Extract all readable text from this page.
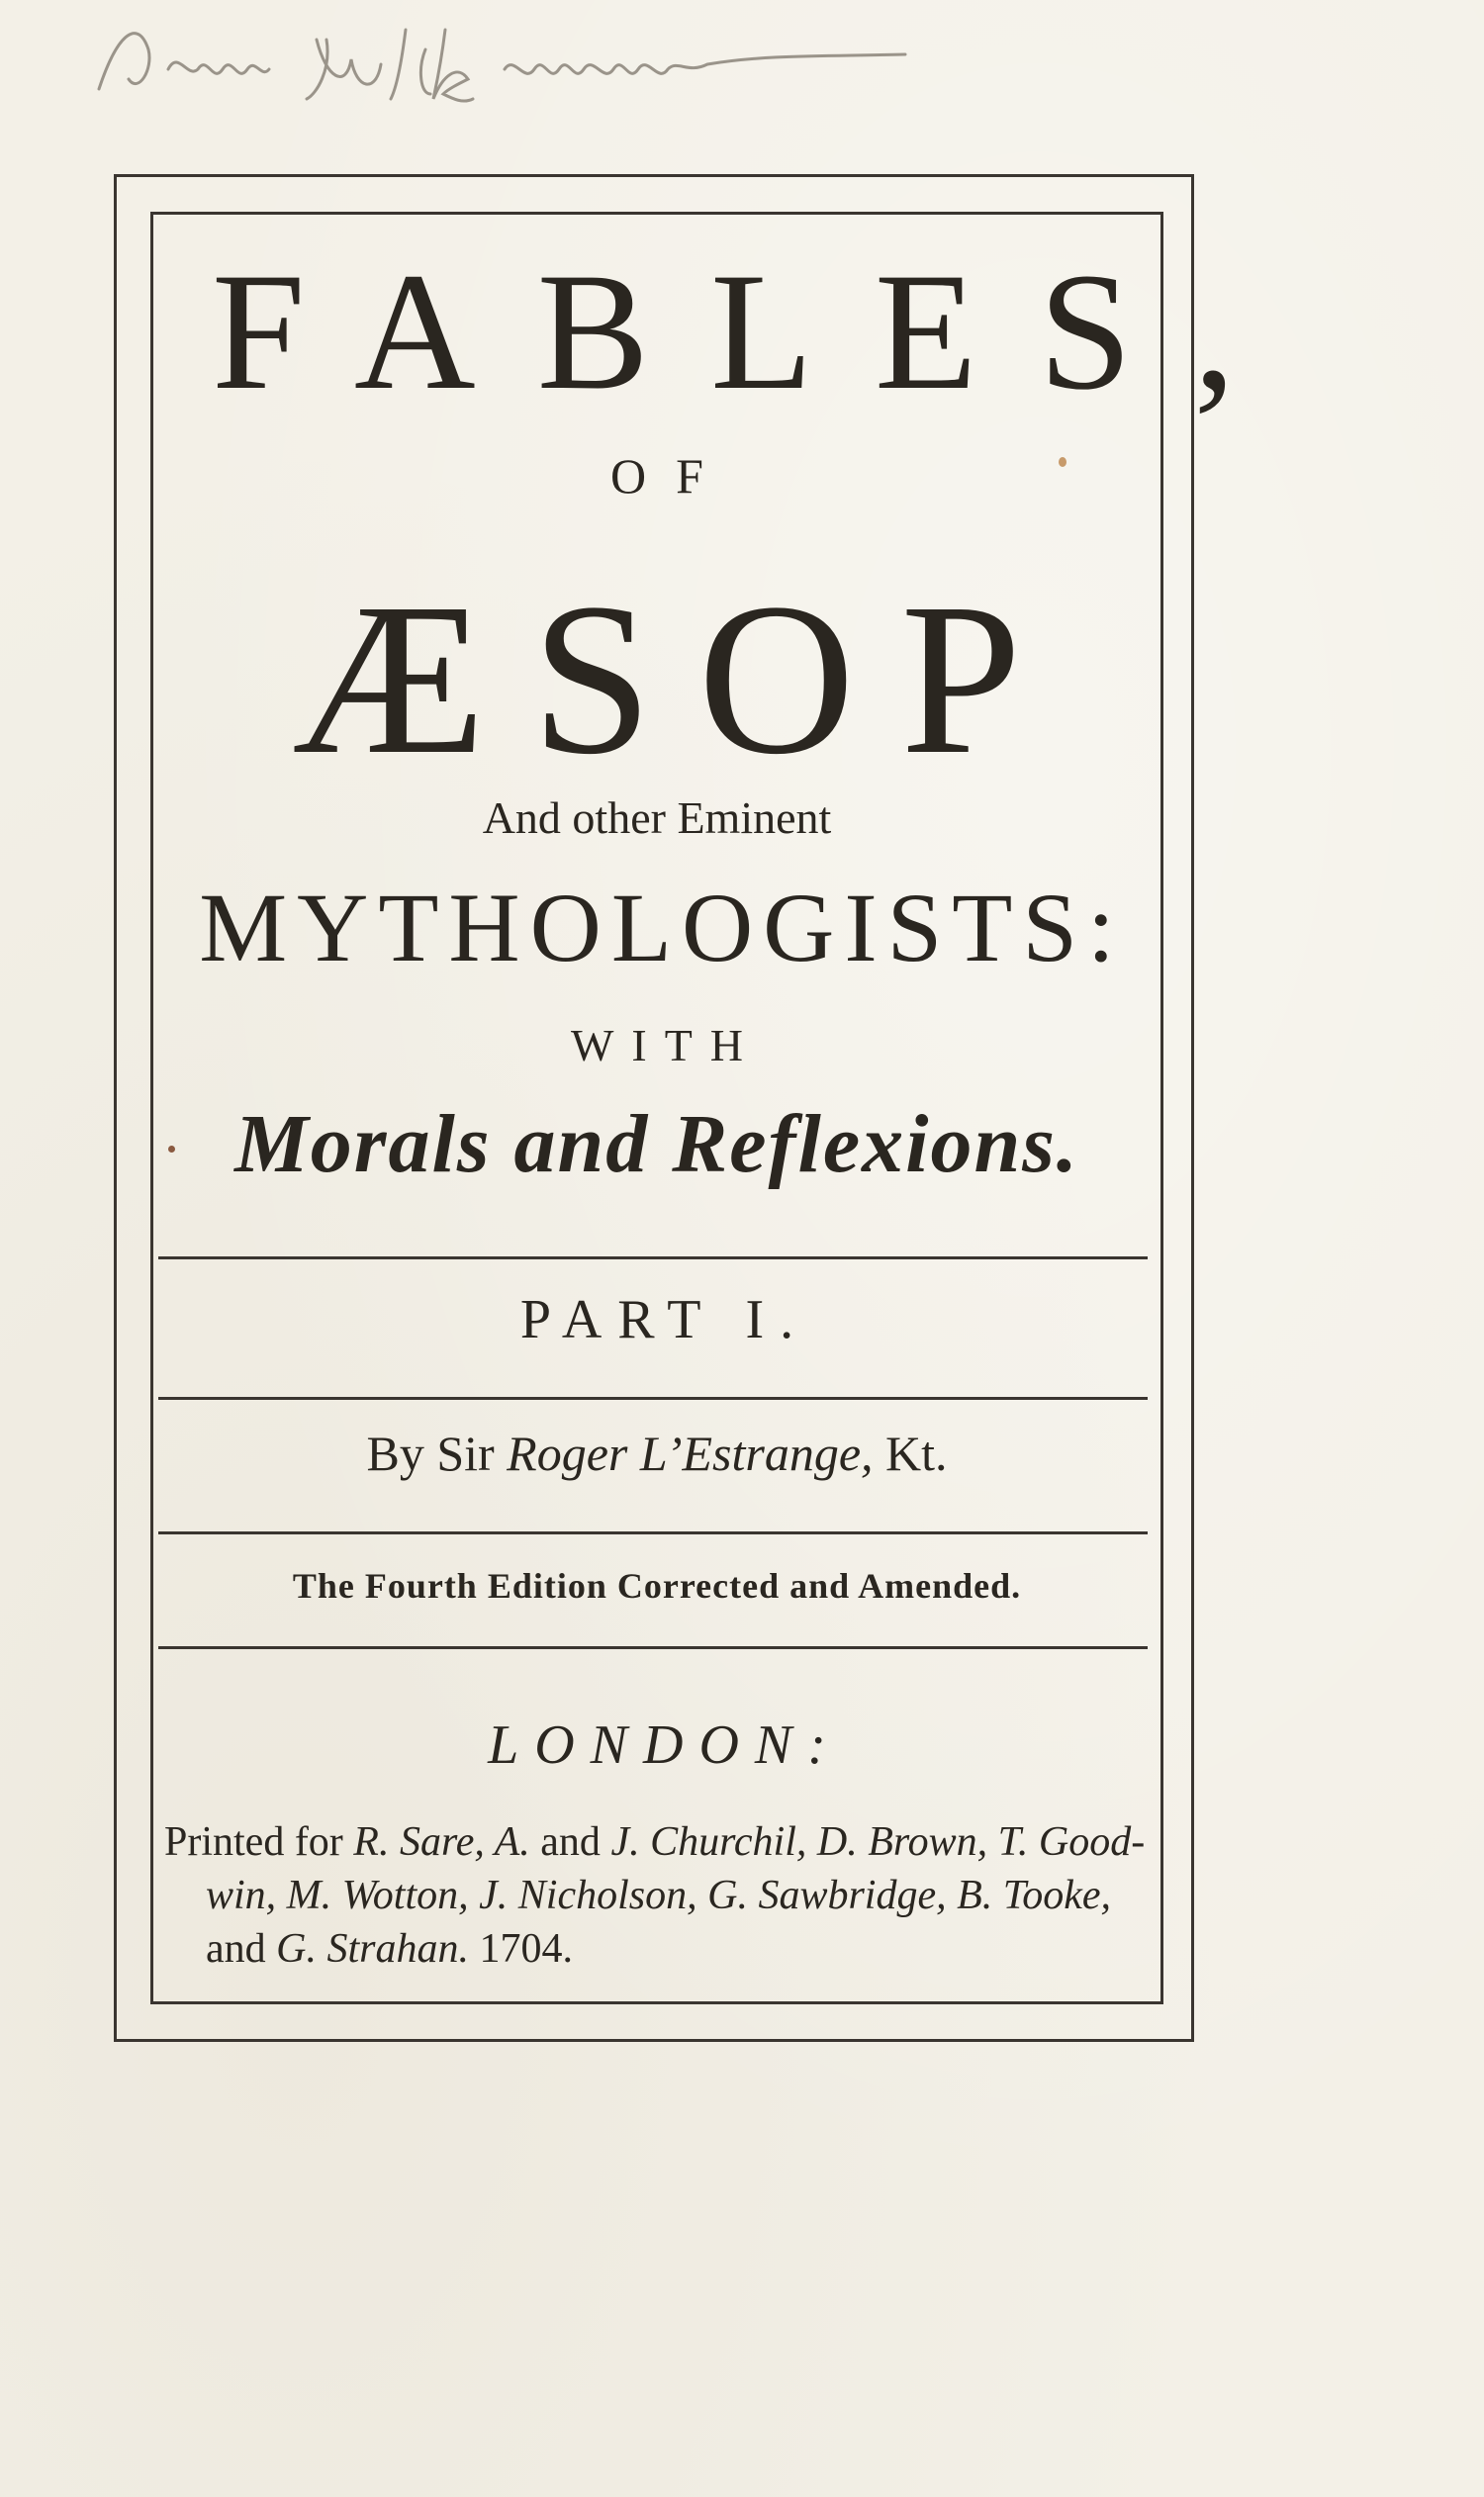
FABLES,
OF
ÆSOP
And other Eminent
MYTHOLOGISTS:
WITH
Morals and Reflexions.
PART I.
By Sir Roger L’Estrange, Kt.
The Fourth Edition Corrected and Amended.
LONDON:
Printed for R. Sare, A. and J. Churchil, D. Brown, T. Good-
win, M. Wotton, J. Nicholson, G. Sawbridge, B. Tooke,
and G. Strahan. 1704.
